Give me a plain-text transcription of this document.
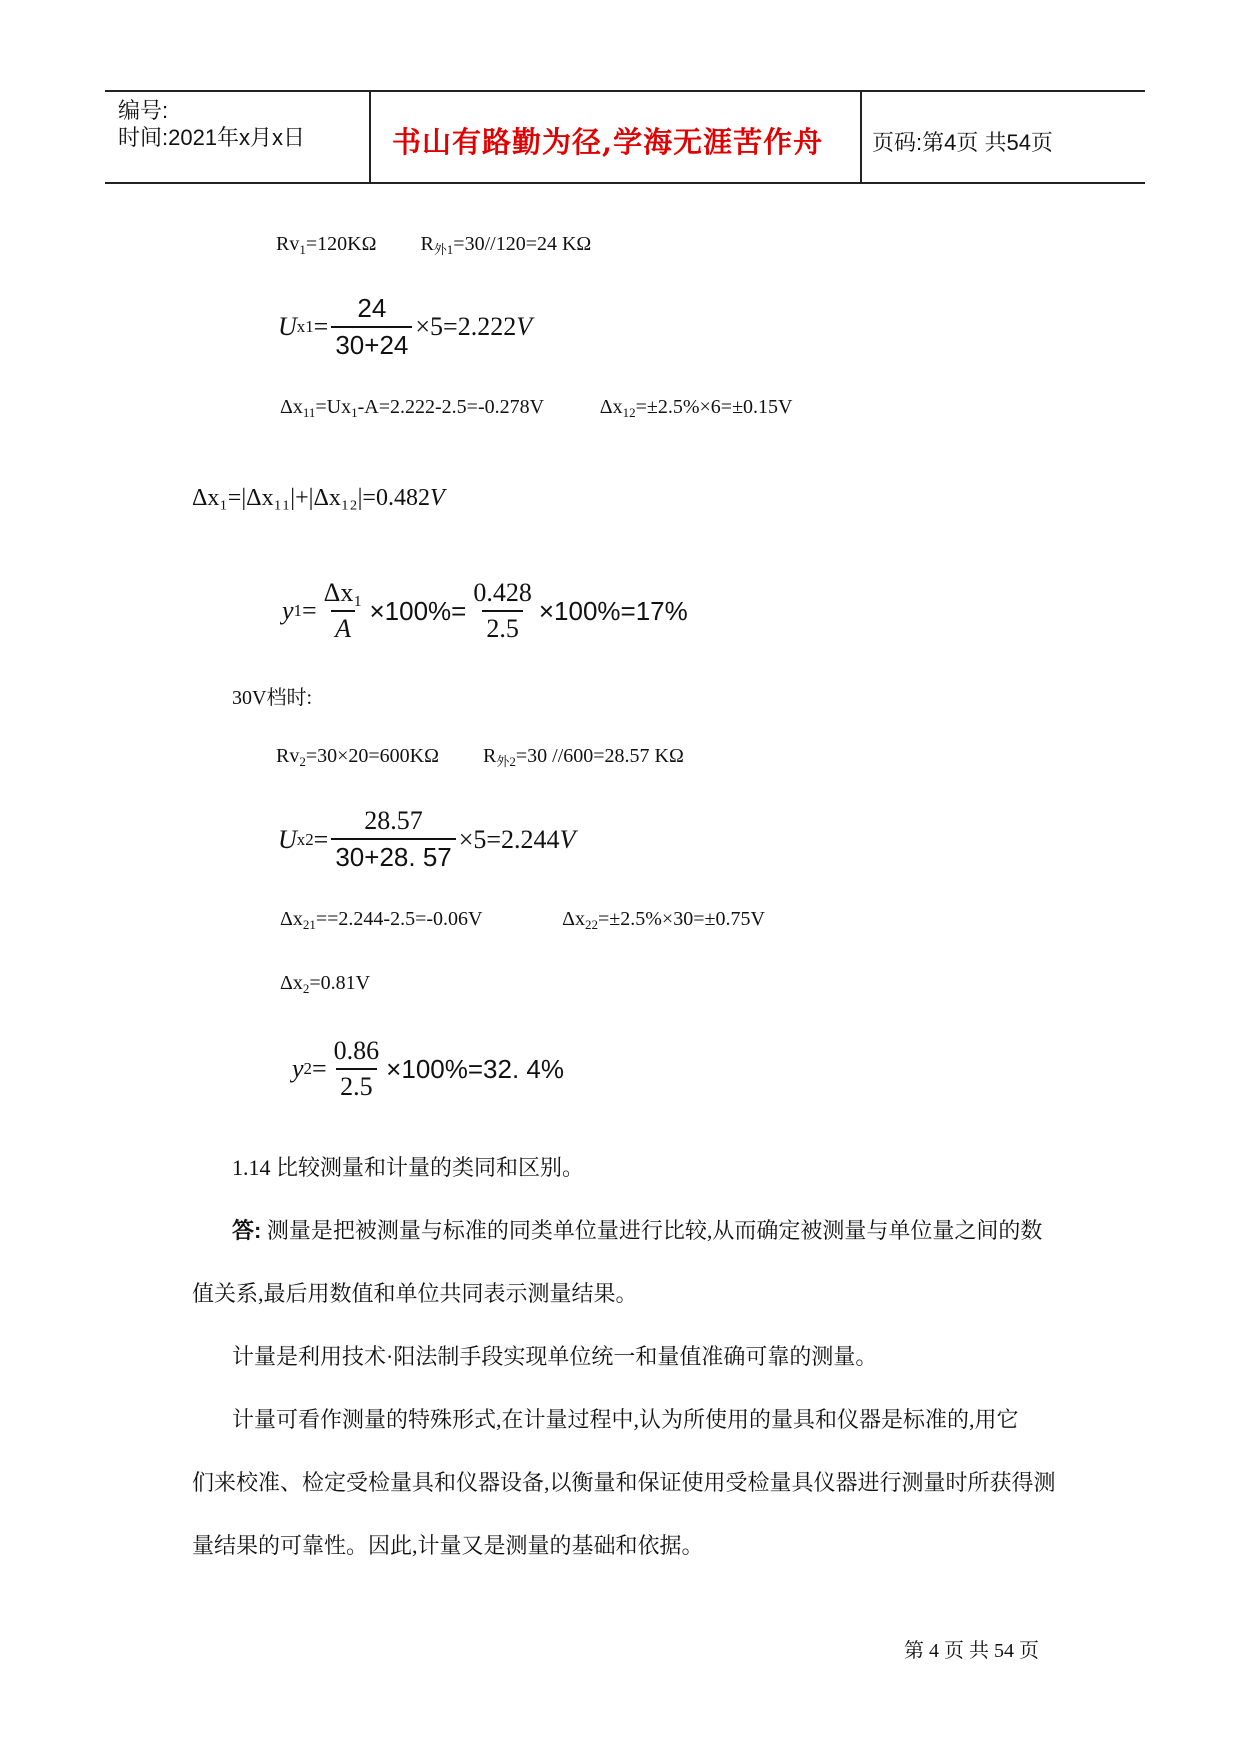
编号:
时间:2021年x月x日	书山有路勤为径,学海无涯苦作舟 页码:第4页 共54页
$Rv_1=120K\Omega$ $R_{外1}=30//120=24$ KΩ
U $x1 = \frac{24}{30+24} \times 5=2.222$ V
$\Delta x_{11}=Ux_1-A=2.222-2.5=-0.278V$	$\Delta x_{12}=\pm 2.5\%\times 6=\pm 0.15V$
Δx₁=|Δx₁₁|+|Δx₁₂|=0.482V
y $1 = \frac{\text{Δx₁}}{A} \times 100\%= \frac{0.428}{2.5} \times 100\%=17\%$
30V档时:
$Rv_2=30\times 20=600K\Omega$ $R_{外2}=30$ //600=28.57 KΩ
U $x2 = \frac{28.57}{30+28. 57} \times 5=2.244$ V
$\Delta x_{21}==2.244-2.5=-0.06V$	$\Delta x_{22}=\pm 2.5\%\times 30=\pm 0.75V$
$\Delta x_2=0.81V$
y $2 = \frac{0.86}{2.5} \times 100\%=32$. 4%
1.14 比较测量和计量的类同和区别。
答: 测量是把被测量与标准的同类单位量进行比较,从而确定被测量与单位量之间的数
值关系,最后用数值和单位共同表示测量结果。
计量是利用技术·阳法制手段实现单位统一和量值准确可靠的测量。
计量可看作测量的特殊形式,在计量过程中,认为所使用的量具和仪器是标准的,用它
们来校准、检定受检量具和仪器设备,以衡量和保证使用受检量具仪器进行测量时所获得测
量结果的可靠性。因此,计量又是测量的基础和依据。
第 4 页 共 54 页
